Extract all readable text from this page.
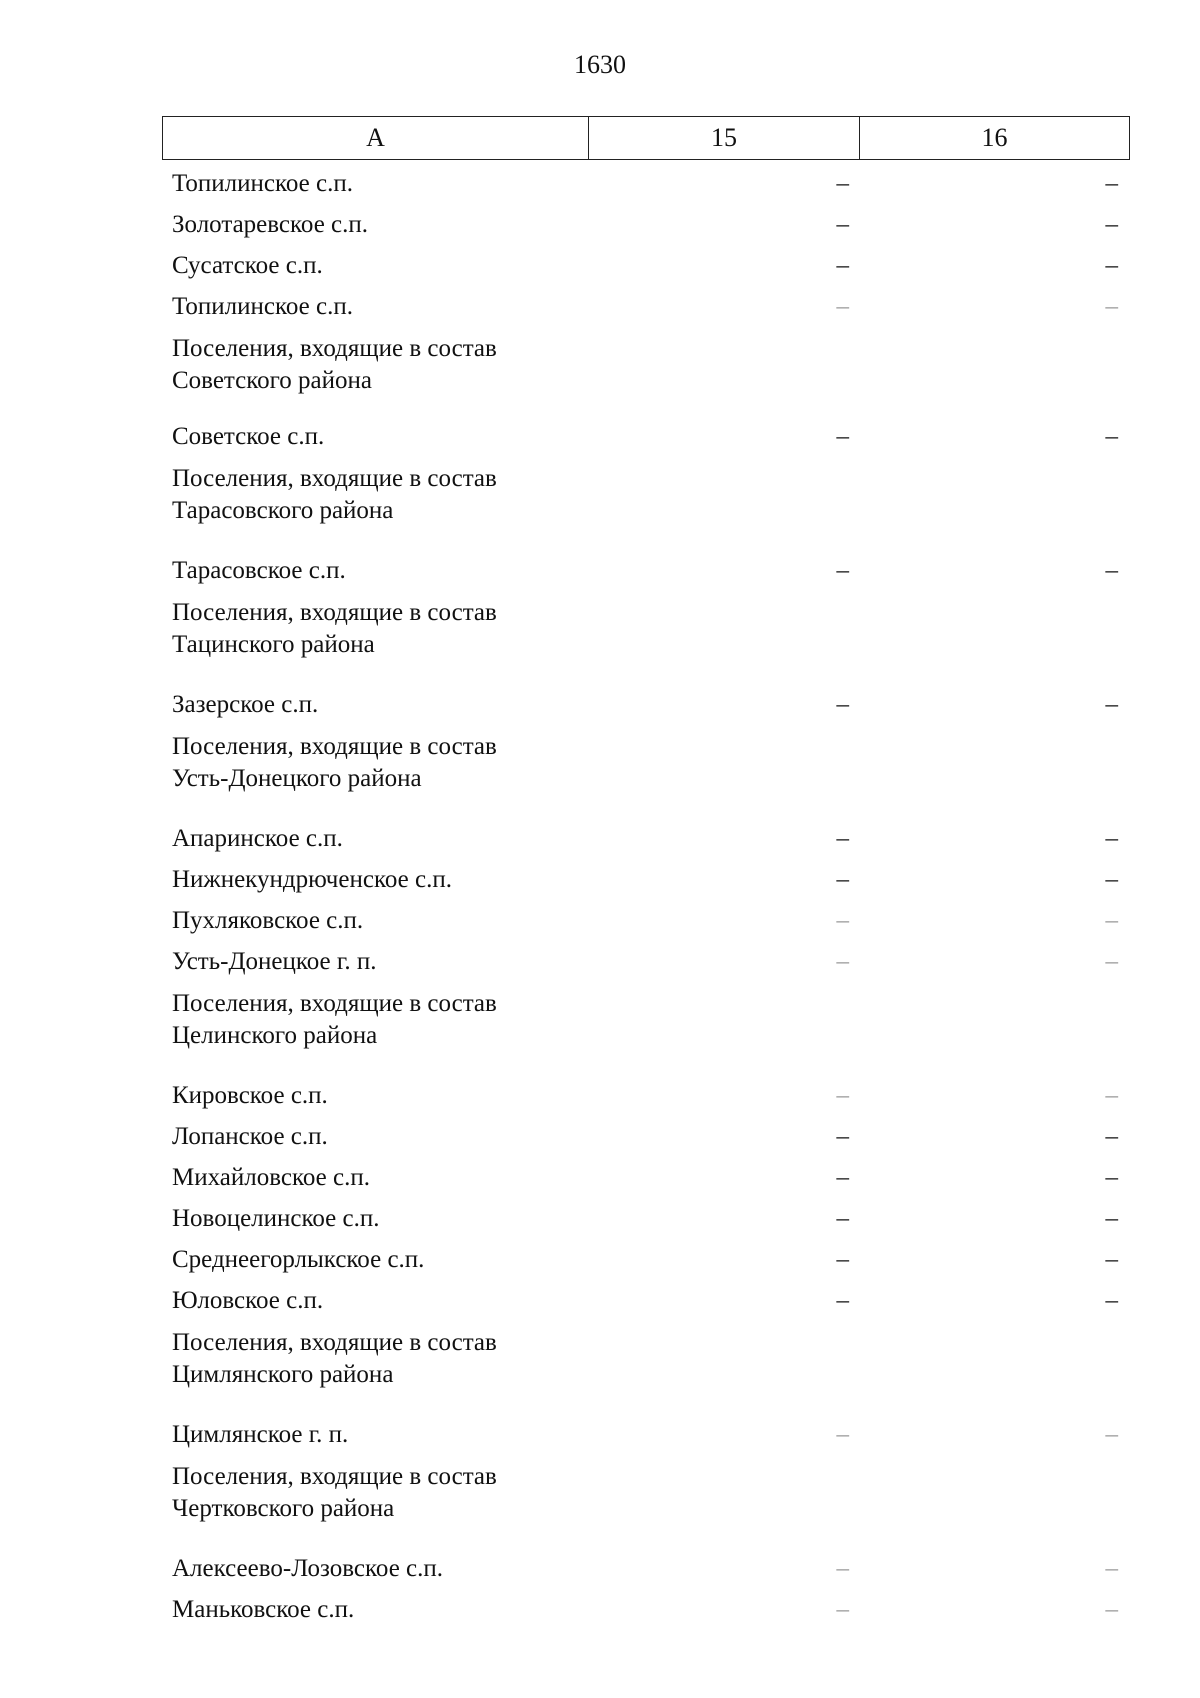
1630
А	15	16
Топилинское с.п.	–	–
Золотаревское с.п.	–	–
Сусатское с.п.	–	–
Топилинское с.п.	–	–
Поселения, входящие в состав
Советского района
Советское с.п.	–	–
Поселения, входящие в состав
Тарасовского района
Тарасовское с.п.	–	–
Поселения, входящие в состав
Тацинского района
Зазерское с.п.	–	–
Поселения, входящие в состав
Усть-Донецкого района
Апаринское с.п.	–	–
Нижнекундрюченское с.п.	–	–
Пухляковское с.п.	–	–
Усть-Донецкое г. п.	–	–
Поселения, входящие в состав
Целинского района
Кировское с.п.	–	–
Лопанское с.п.	–	–
Михайловское с.п.	–	–
Новоцелинское с.п.	–	–
Среднеегорлыкское с.п.	–	–
Юловское с.п.	–	–
Поселения, входящие в состав
Цимлянского района
Цимлянское г. п.	–	–
Поселения, входящие в состав
Чертковского района
Алексеево-Лозовское с.п.	–	–
Маньковское с.п.	–	–
